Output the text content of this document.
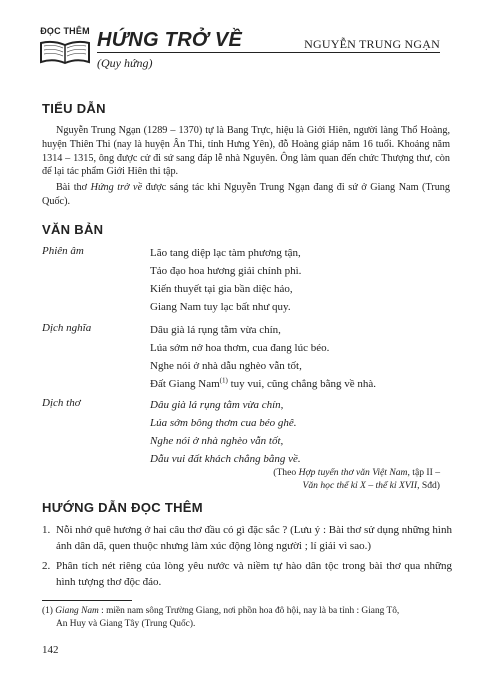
ĐỌC THÊM HỨNG TRỞ VỀ	NGUYỄN TRUNG NGẠN
(Quy hứng)
TIỂU DẪN

Nguyễn Trung Ngạn (1289 – 1370) tự là Bang Trực, hiệu là Giới Hiên, người làng Thổ Hoàng, huyện Thiên Thi (nay là huyện Ân Thi, tỉnh Hưng Yên), đỗ Hoàng giáp năm 16 tuổi. Khoảng năm 1314 – 1315, ông được cử đi sứ sang đáp lễ nhà Nguyên. Ông làm quan đến chức Thượng thư, còn để lại tác phẩm Giới Hiên thi tập.

Bài thơ Hứng trở về được sáng tác khi Nguyễn Trung Ngạn đang đi sứ ở Giang Nam (Trung Quốc).

VĂN BẢN
Phiên âm	Lão tang diệp lạc tàm phương tận,
Tảo đạo hoa hương giải chính phì.
Kiến thuyết tại gia bần diệc hảo,
Giang Nam tuy lạc bất như quy.
Dịch nghĩa	Dâu già lá rụng tằm vừa chín,
Lúa sớm nở hoa thơm, cua đang lúc béo.
Nghe nói ở nhà dẫu nghèo vẫn tốt,
Đất Giang Nam$^{(1)}$ tuy vui, cũng chẳng bằng về nhà.
Dịch thơ	Dâu già lá rụng tằm vừa chín,
Lúa sớm bông thơm cua béo ghê.
Nghe nói ở nhà nghèo vẫn tốt,
Dẫu vui đất khách chẳng bằng về.
(Theo Hợp tuyển thơ văn Việt Nam, tập II –
Văn học thế kỉ X – thế kỉ XVII, Sđd)
HƯỚNG DẪN ĐỌC THÊM
1. Nỗi nhớ quê hương ở hai câu thơ đầu có gì đặc sắc ? (Lưu ý : Bài thơ sử dụng những hình ảnh dân dã, quen thuộc nhưng làm xúc động lòng người ; lí giải vì sao.)
2. Phân tích nét riêng của lòng yêu nước và niềm tự hào dân tộc trong bài thơ qua những hình tượng thơ độc đáo.
(1) Giang Nam : miền nam sông Trường Giang, nơi phồn hoa đô hội, nay là ba tỉnh : Giang Tô,
An Huy và Giang Tây (Trung Quốc).
142
